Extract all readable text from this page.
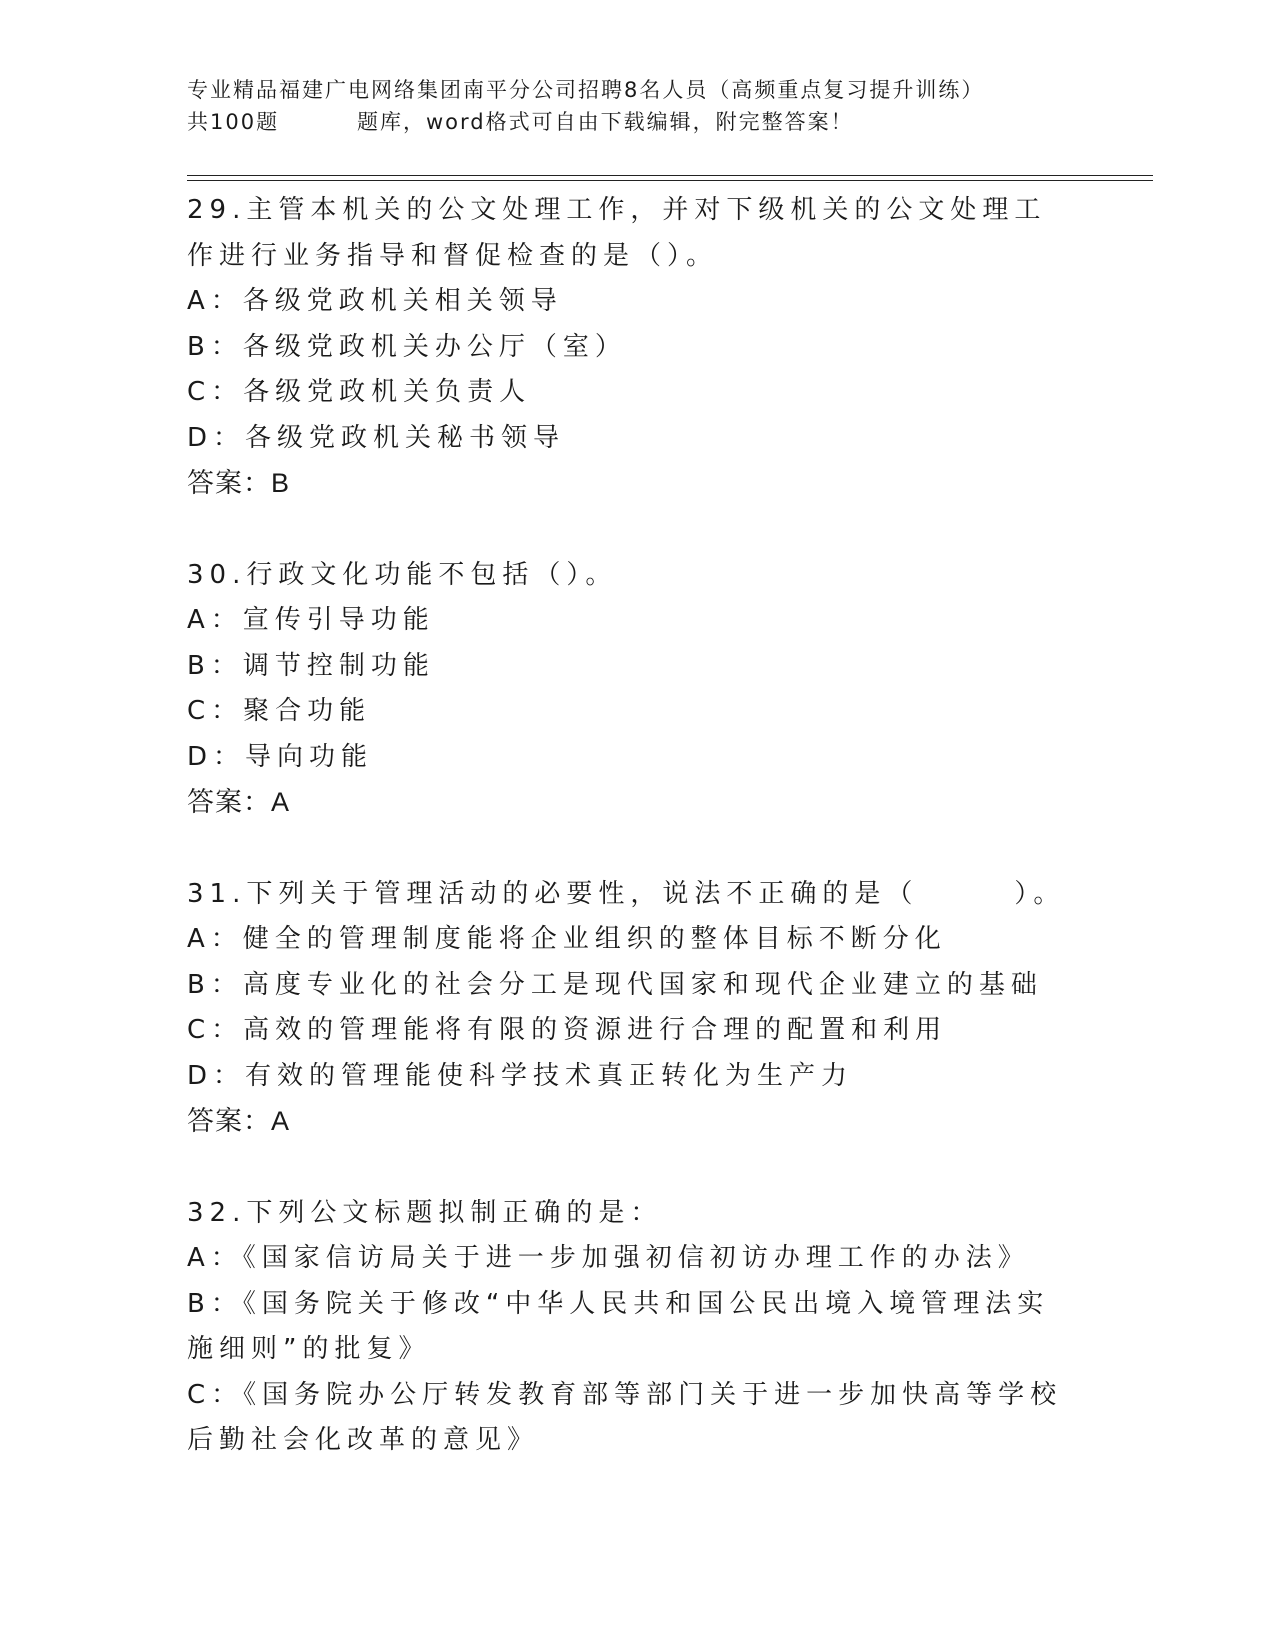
专业精品福建广电网络集团南平分公司招聘8名人员（高频重点复习提升训练）
共100题	题库，word格式可自由下载编辑，附完整答案！

29.主管本机关的公文处理工作，并对下级机关的公文处理工作进行业务指导和督促检查的是（）。

A：各级党政机关相关领导

B：各级党政机关办公厅（室）

C：各级党政机关负责人

D：各级党政机关秘书领导

答案：B

30.行政文化功能不包括（）。

A：宣传引导功能

B：调节控制功能

C：聚合功能

D：导向功能

答案：A

31.下列关于管理活动的必要性，说法不正确的是（　　　）。

A：健全的管理制度能将企业组织的整体目标不断分化

B：高度专业化的社会分工是现代国家和现代企业建立的基础

C：高效的管理能将有限的资源进行合理的配置和利用

D：有效的管理能使科学技术真正转化为生产力

答案：A

32.下列公文标题拟制正确的是：

A：《国家信访局关于进一步加强初信初访办理工作的办法》

B：《国务院关于修改“中华人民共和国公民出境入境管理法实施细则”的批复》

C：《国务院办公厅转发教育部等部门关于进一步加快高等学校后勤社会化改革的意见》
